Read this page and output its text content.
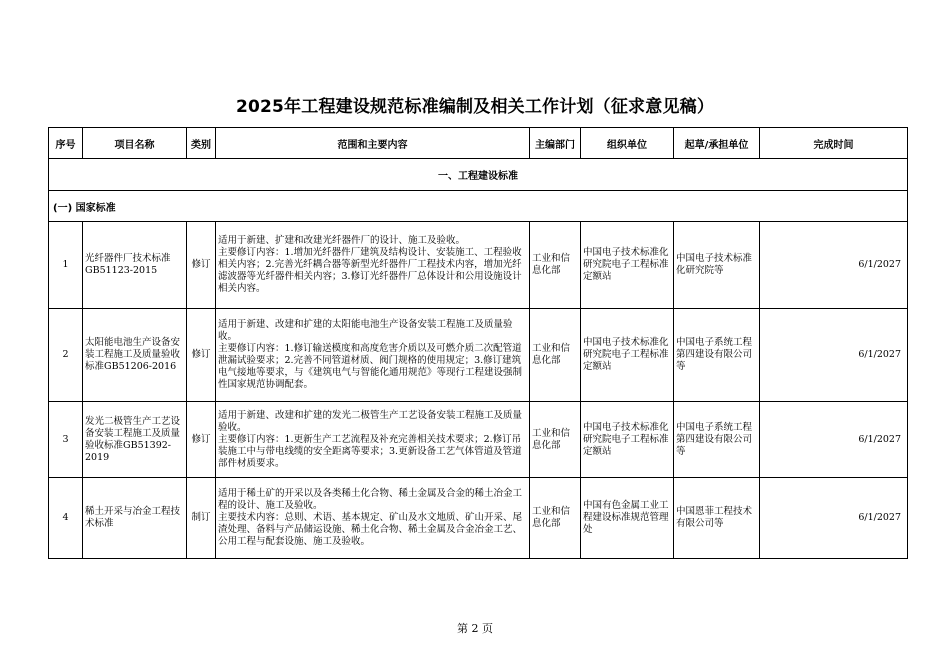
2025年工程建设规范标准编制及相关工作计划（征求意见稿）
序号	项目名称	类别	范围和主要内容	主编部门	组织单位	起草/承担单位	完成时间
一、工程建设标准							
(一) 国家标准							
1	光纤器件厂技术标准GB51123-2015	修订	适用于新建、扩建和改建光纤器件厂的设计、施工及验收。
主要修订内容：1.增加光纤器件厂建筑及结构设计、安装施工、工程验收相关内容；2.完善光纤耦合器等新型光纤器件厂工程技术内容，增加光纤滤波器等光纤器件相关内容；3.修订光纤器件厂总体设计和公用设施设计相关内容。	工业和信息化部	中国电子技术标准化研究院电子工程标准定额站	中国电子技术标准化研究院等	6/1/2027
2	太阳能电池生产设备安装工程施工及质量验收标准GB51206-2016	修订	适用于新建、改建和扩建的太阳能电池生产设备安装工程施工及质量验收。
主要修订内容：1.修订输送模度和高度危害介质以及可燃介质二次配管道泄漏试验要求；2.完善不同管道材质、阀门规格的使用规定；3.修订建筑电气接地等要求，与《建筑电气与智能化通用规范》等现行工程建设强制性国家规范协调配套。	工业和信息化部	中国电子技术标准化研究院电子工程标准定额站	中国电子系统工程第四建设有限公司等	6/1/2027
3	发光二极管生产工艺设备安装工程施工及质量验收标准GB51392-2019	修订	适用于新建、改建和扩建的发光二极管生产工艺设备安装工程施工及质量验收。
主要修订内容：1.更新生产工艺流程及补充完善相关技术要求；2.修订吊装施工中与带电线缆的安全距离等要求；3.更新设备工艺气体管道及管道部件材质要求。	工业和信息化部	中国电子技术标准化研究院电子工程标准定额站	中国电子系统工程第四建设有限公司等	6/1/2027
4	稀土开采与冶金工程技术标准	制订	适用于稀土矿的开采以及各类稀土化合物、稀土金属及合金的稀土冶金工程的设计、施工及验收。
主要技术内容：总则、术语、基本规定、矿山及水文地质、矿山开采、尾渣处理、备料与产品储运设施、稀土化合物、稀土金属及合金冶金工艺、公用工程与配套设施、施工及验收。	工业和信息化部	中国有色金属工业工程建设标准规范管理处	中国恩菲工程技术有限公司等	6/1/2027
第 2 页
